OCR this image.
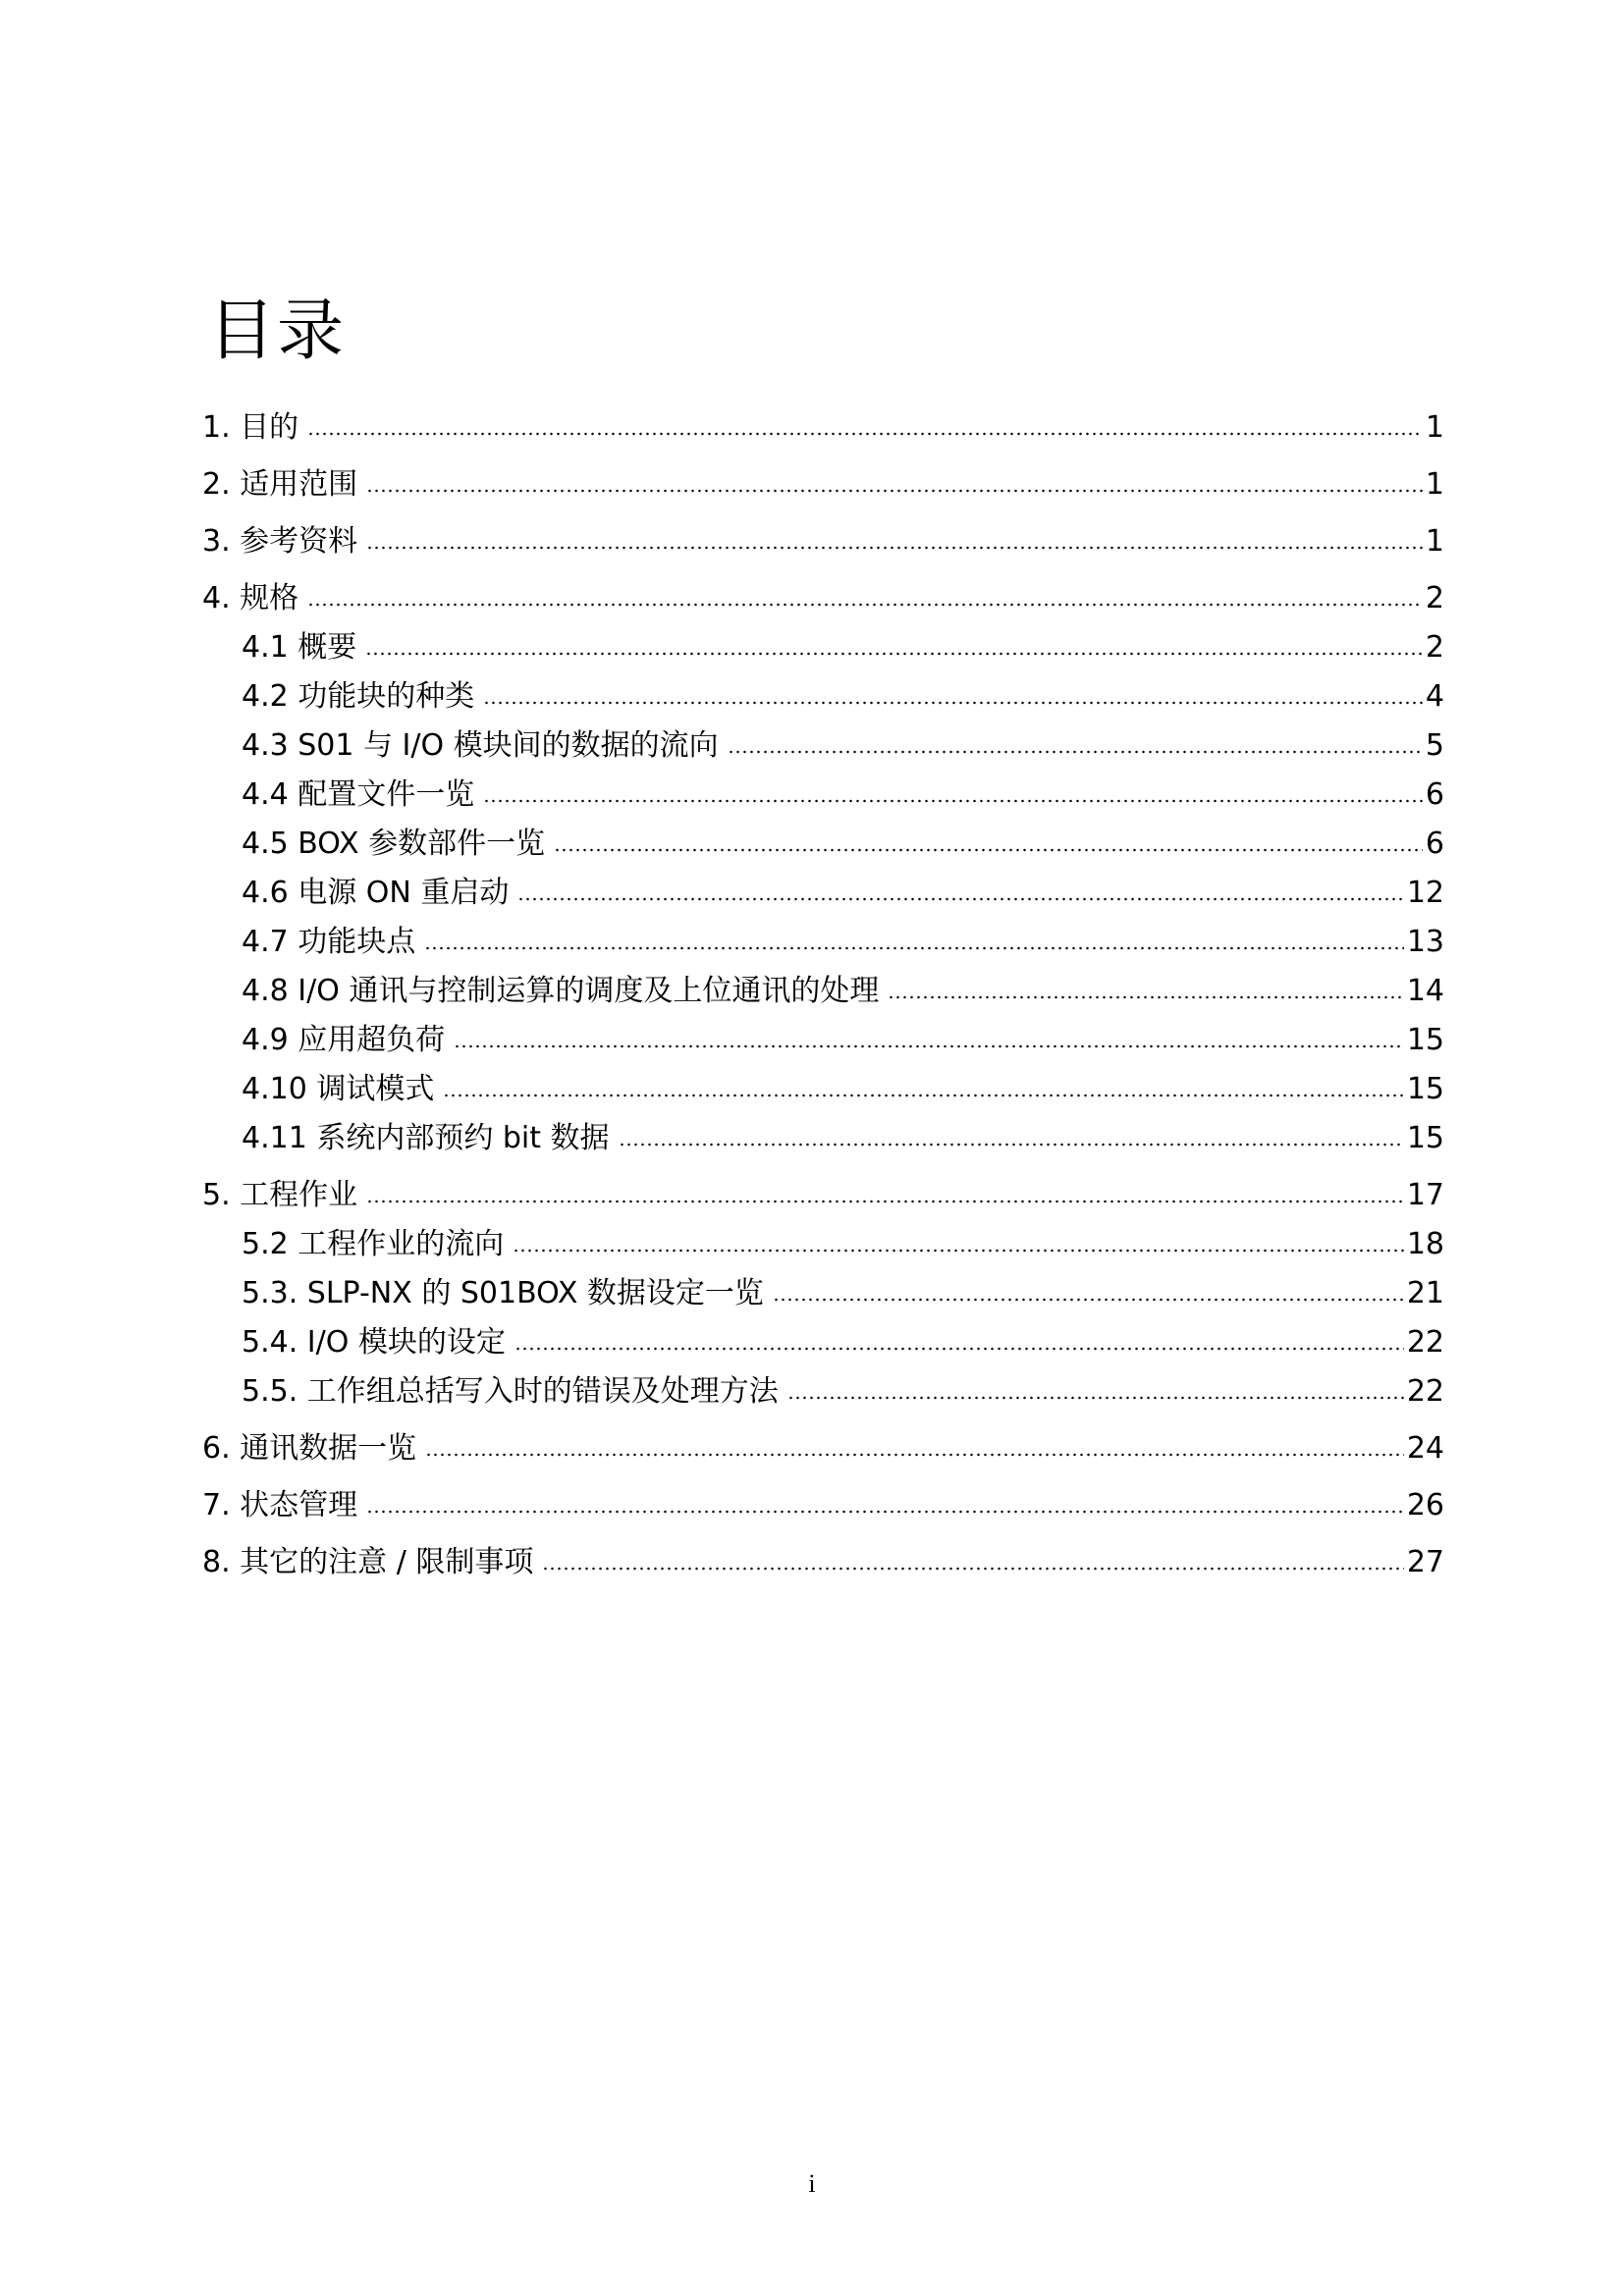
目录
1. 目的	1
2. 适用范围	1
3. 参考资料	1
4. 规格	2
4.1 概要	2
4.2 功能块的种类	4
4.3 S01 与 I/O 模块间的数据的流向	5
4.4 配置文件一览	6
4.5 BOX 参数部件一览	6
4.6 电源 ON 重启动	12
4.7 功能块点	13
4.8 I/O 通讯与控制运算的调度及上位通讯的处理	14
4.9 应用超负荷	15
4.10 调试模式	15
4.11 系统内部预约 bit 数据	15
5. 工程作业	17
5.2 工程作业的流向	18
5.3. SLP-NX 的 S01BOX 数据设定一览	21
5.4. I/O 模块的设定	22
5.5. 工作组总括写入时的错误及处理方法	22
6. 通讯数据一览	24
7. 状态管理	26
8. 其它的注意 / 限制事项	27
i
